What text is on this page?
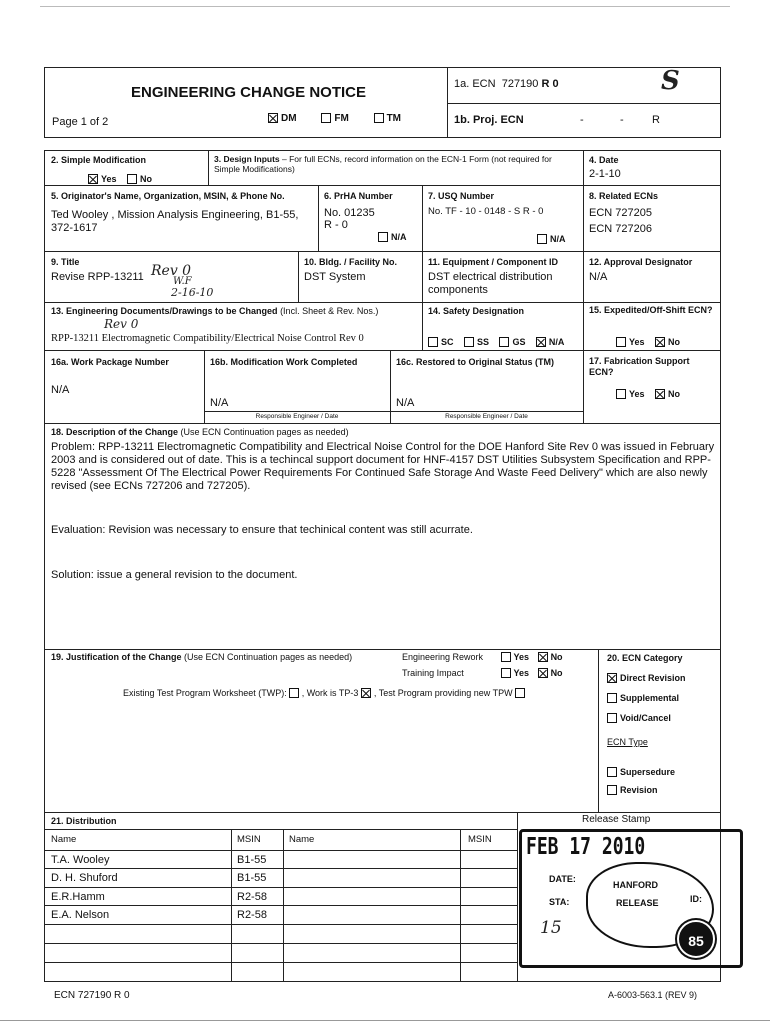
ENGINEERING CHANGE NOTICE
Page 1 of 2	DM	FM	TM
1a. ECN 727190 R 0	S
1b. Proj. ECN	-	-	R
2. Simple Modification
Yes	No
3. Design Inputs – For full ECNs, record information on the ECN-1 Form (not required for Simple Modifications)
4. Date
2-1-10
5. Originator's Name, Organization, MSIN, & Phone No.
Ted Wooley , Mission Analysis Engineering, B1-55, 372-1617
6. PrHA Number
No. 01235
R - 0
N/A
7. USQ Number
No. TF - 10 - 0148 - S R - 0
N/A
8. Related ECNs
ECN 727205
ECN 727206
9. Title
Revise RPP-13211 Rev 0
W.F
2-16-10
10. Bldg. / Facility No.
DST System
11. Equipment / Component ID
DST electrical distribution components
12. Approval Designator
N/A
13. Engineering Documents/Drawings to be Changed (Incl. Sheet & Rev. Nos.)
Rev 0
RPP-13211 Electromagnetic Compatibility/Electrical Noise Control Rev 0
14. Safety Designation
SC	SS	GS	N/A
15. Expedited/Off-Shift ECN?
Yes	No
16a. Work Package Number
N/A
16b. Modification Work Completed
N/A
Responsible Engineer / Date
16c. Restored to Original Status (TM)
N/A
Responsible Engineer / Date
17. Fabrication Support ECN?
Yes	No
18. Description of the Change (Use ECN Continuation pages as needed)
Problem: RPP-13211 Electromagnetic Compatibility and Electrical Noise Control for the DOE Hanford Site Rev 0 was issued in February 2003 and is considered out of date. This is a techincal support document for HNF-4157 DST Utilities Subsystem Specification and RPP-5228 "Assessment Of The Electrical Power Requirements For Continued Safe Storage And Waste Feed Delivery" which are also newly revised (see ECNs 727206 and 727205).
Evaluation: Revision was necessary to ensure that techinical content was still acurrate.
Solution: issue a general revision to the document.
19. Justification of the Change (Use ECN Continuation pages as needed)	Engineering Rework	Yes No
Training Impact	Yes No
Existing Test Program Worksheet (TWP): , Work is TP-3 , Test Program providing new TPW
20. ECN Category
Direct Revision
Supplemental
Void/Cancel
ECN Type
Supersedure
Revision
21. Distribution	Release Stamp
Name	MSIN	Name	MSIN
T.A. Wooley	B1-55
D. H. Shuford	B1-55
E.R.Hamm	R2-58
E.A. Nelson	R2-58
FEB 17 2010
DATE:
STA:
15
HANFORD
RELEASE	ID:
85
ECN 727190 R 0	A-6003-563.1 (REV 9)
